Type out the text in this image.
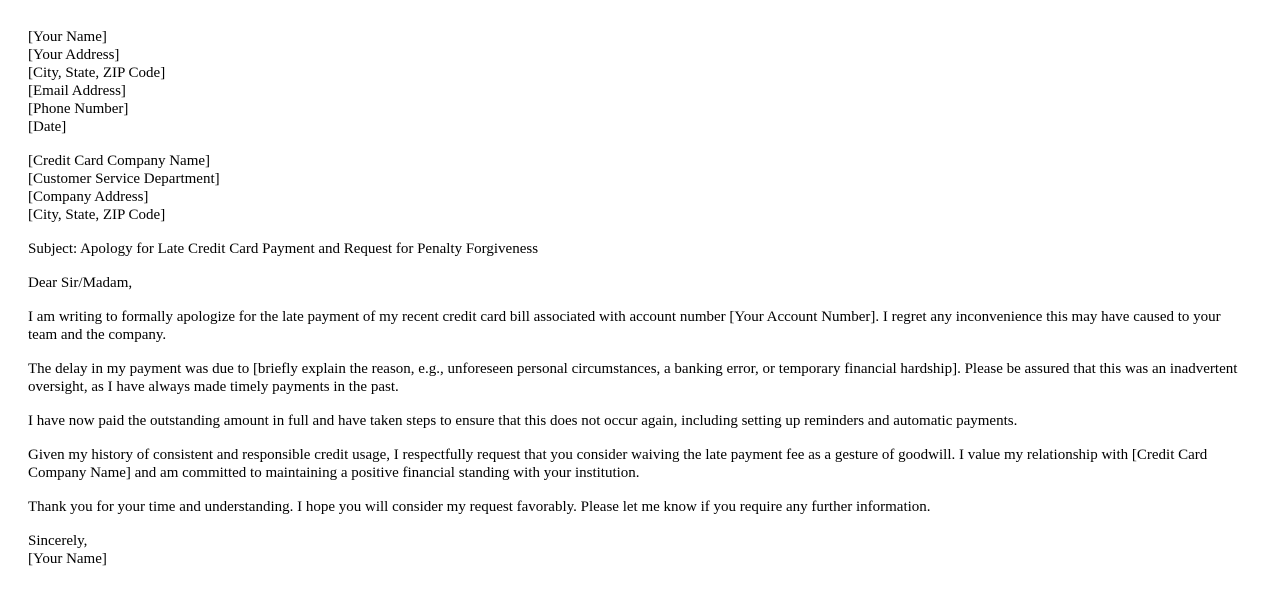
[Your Name]
[Your Address]
[City, State, ZIP Code]
[Email Address]
[Phone Number]
[Date]
[Credit Card Company Name]
[Customer Service Department]
[Company Address]
[City, State, ZIP Code]

Subject: Apology for Late Credit Card Payment and Request for Penalty Forgiveness

Dear Sir/Madam,

I am writing to formally apologize for the late payment of my recent credit card bill associated with account number [Your Account Number]. I regret any inconvenience this may have caused to your team and the company.

The delay in my payment was due to [briefly explain the reason, e.g., unforeseen personal circumstances, a banking error, or temporary financial hardship]. Please be assured that this was an inadvertent oversight, as I have always made timely payments in the past.

I have now paid the outstanding amount in full and have taken steps to ensure that this does not occur again, including setting up reminders and automatic payments.

Given my history of consistent and responsible credit usage, I respectfully request that you consider waiving the late payment fee as a gesture of goodwill. I value my relationship with [Credit Card Company Name] and am committed to maintaining a positive financial standing with your institution.

Thank you for your time and understanding. I hope you will consider my request favorably. Please let me know if you require any further information.

Sincerely,
[Your Name]
